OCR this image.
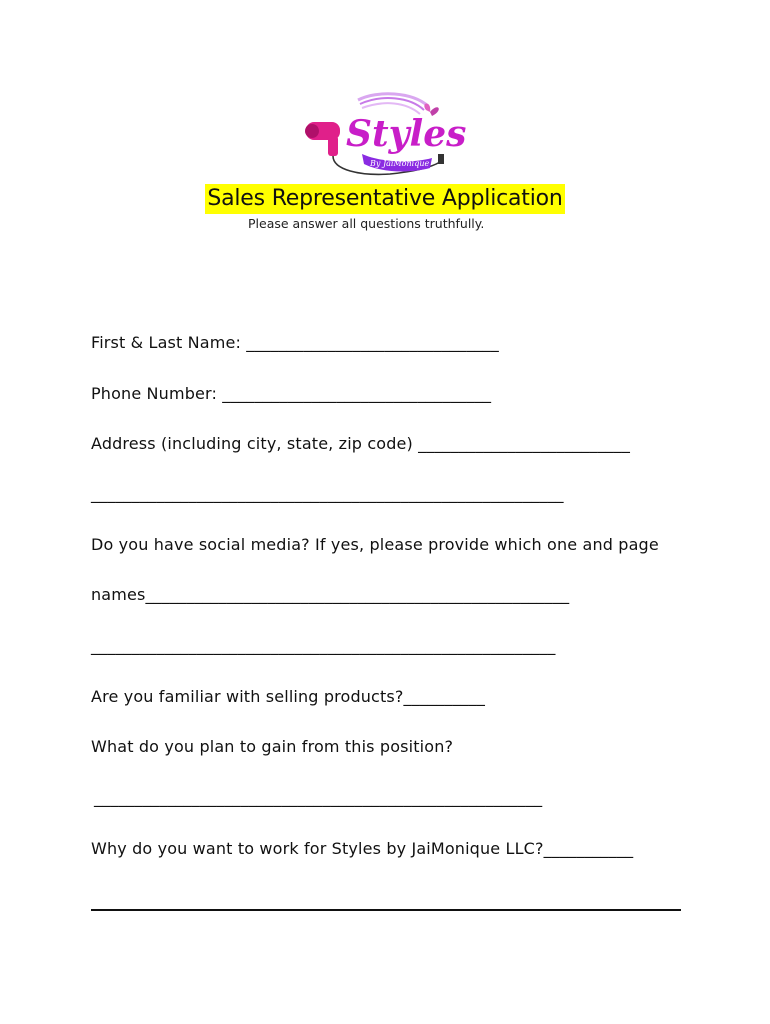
Styles
By JaiMonique
Sales Representative Application
Please answer all questions truthfully.
First & Last Name: _______________________________
Phone Number: _________________________________
Address (including city, state, zip code) __________________________
__________________________________________________________
Do you have social media? If yes, please provide which one and page
names____________________________________________________
_________________________________________________________
Are you familiar with selling products?__________
What do you plan to gain from this position?
_______________________________________________________
Why do you want to work for Styles by JaiMonique LLC?___________
